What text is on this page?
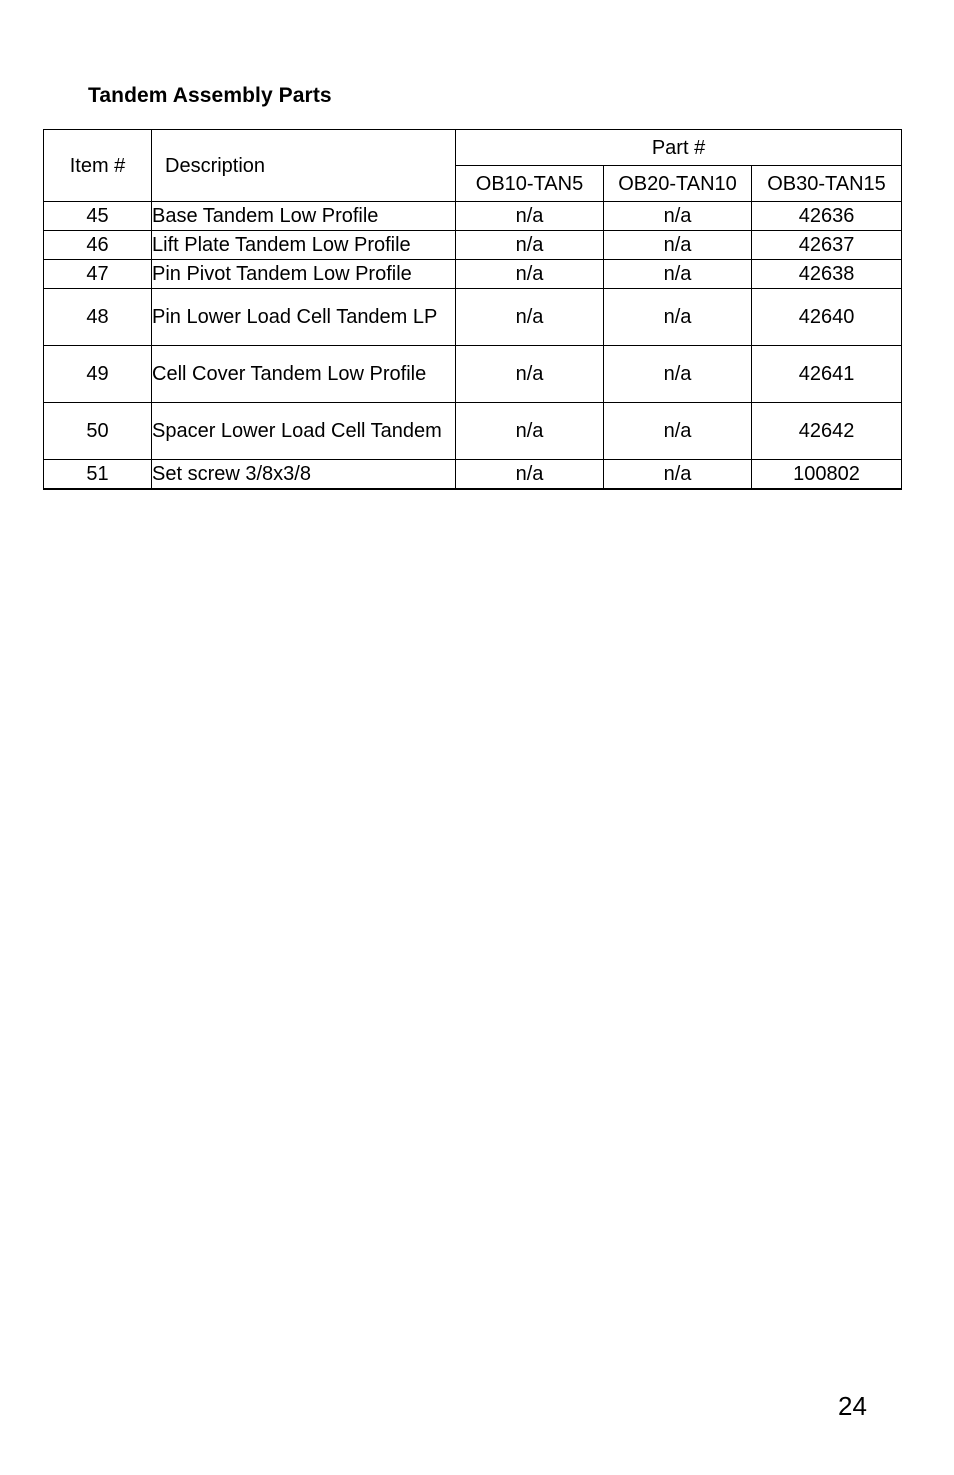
Tandem Assembly Parts
Item #	Description	Part #		
		OB10-TAN5	OB20-TAN10	OB30-TAN15
45	Base Tandem Low Profile	n/a	n/a	42636
46	Lift Plate Tandem Low Profile	n/a	n/a	42637
47	Pin Pivot Tandem Low Profile	n/a	n/a	42638
48	Pin Lower Load Cell Tandem LP	n/a	n/a	42640
49	Cell Cover Tandem Low Profile	n/a	n/a	42641
50	Spacer Lower Load Cell Tandem	n/a	n/a	42642
51	Set screw 3/8x3/8	n/a	n/a	100802
24
